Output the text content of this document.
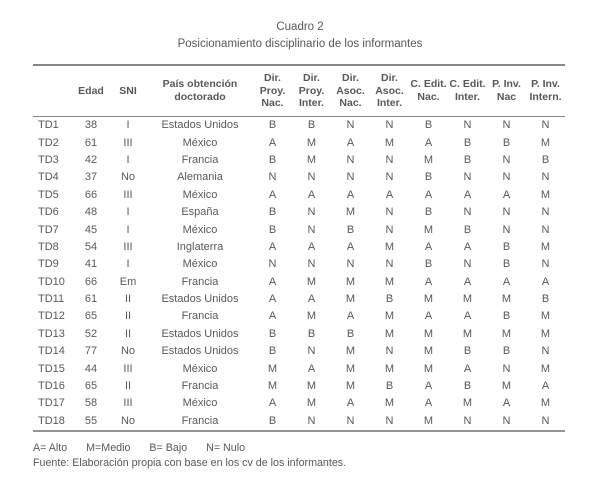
Cuadro 2
Posicionamiento disciplinario de los informantes
	Edad	SNI	País obtención doctorado	Dir. Proy. Nac.	Dir. Proy. Inter.	Dir. Asoc. Nac.	Dir. Asoc. Inter.	C. Edit. Nac.	C. Edit. Inter.	P. Inv. Nac	P. Inv. Intern.
TD1	38	I	Estados Unidos	B	B	N	N	B	N	N	N
TD2	61	III	México	A	M	A	M	A	B	B	M
TD3	42	I	Francia	B	M	N	N	M	B	N	B
TD4	37	No	Alemania	N	N	N	N	B	N	N	N
TD5	66	III	México	A	A	A	A	A	A	A	M
TD6	48	I	España	B	N	M	N	B	N	N	N
TD7	45	I	México	B	N	B	N	M	B	N	N
TD8	54	III	Inglaterra	A	A	A	M	A	A	B	M
TD9	41	I	México	N	N	N	N	B	N	B	N
TD10	66	Em	Francia	A	M	M	M	A	A	A	A
TD11	61	II	Estados Unidos	A	A	M	B	M	M	M	B
TD12	65	II	Francia	A	M	A	M	A	A	B	M
TD13	52	II	Estados Unidos	B	B	B	M	M	M	M	M
TD14	77	No	Estados Unidos	B	N	M	N	M	B	B	N
TD15	44	III	México	M	A	M	M	M	A	N	M
TD16	65	II	Francia	M	M	M	B	A	B	M	A
TD17	58	III	México	A	M	A	M	A	M	A	M
TD18	55	No	Francia	B	N	N	N	M	N	N	N
A= Alto M=Medio B= Bajo N= Nulo
Fuente: Elaboración propia con base en los cv de los informantes.
